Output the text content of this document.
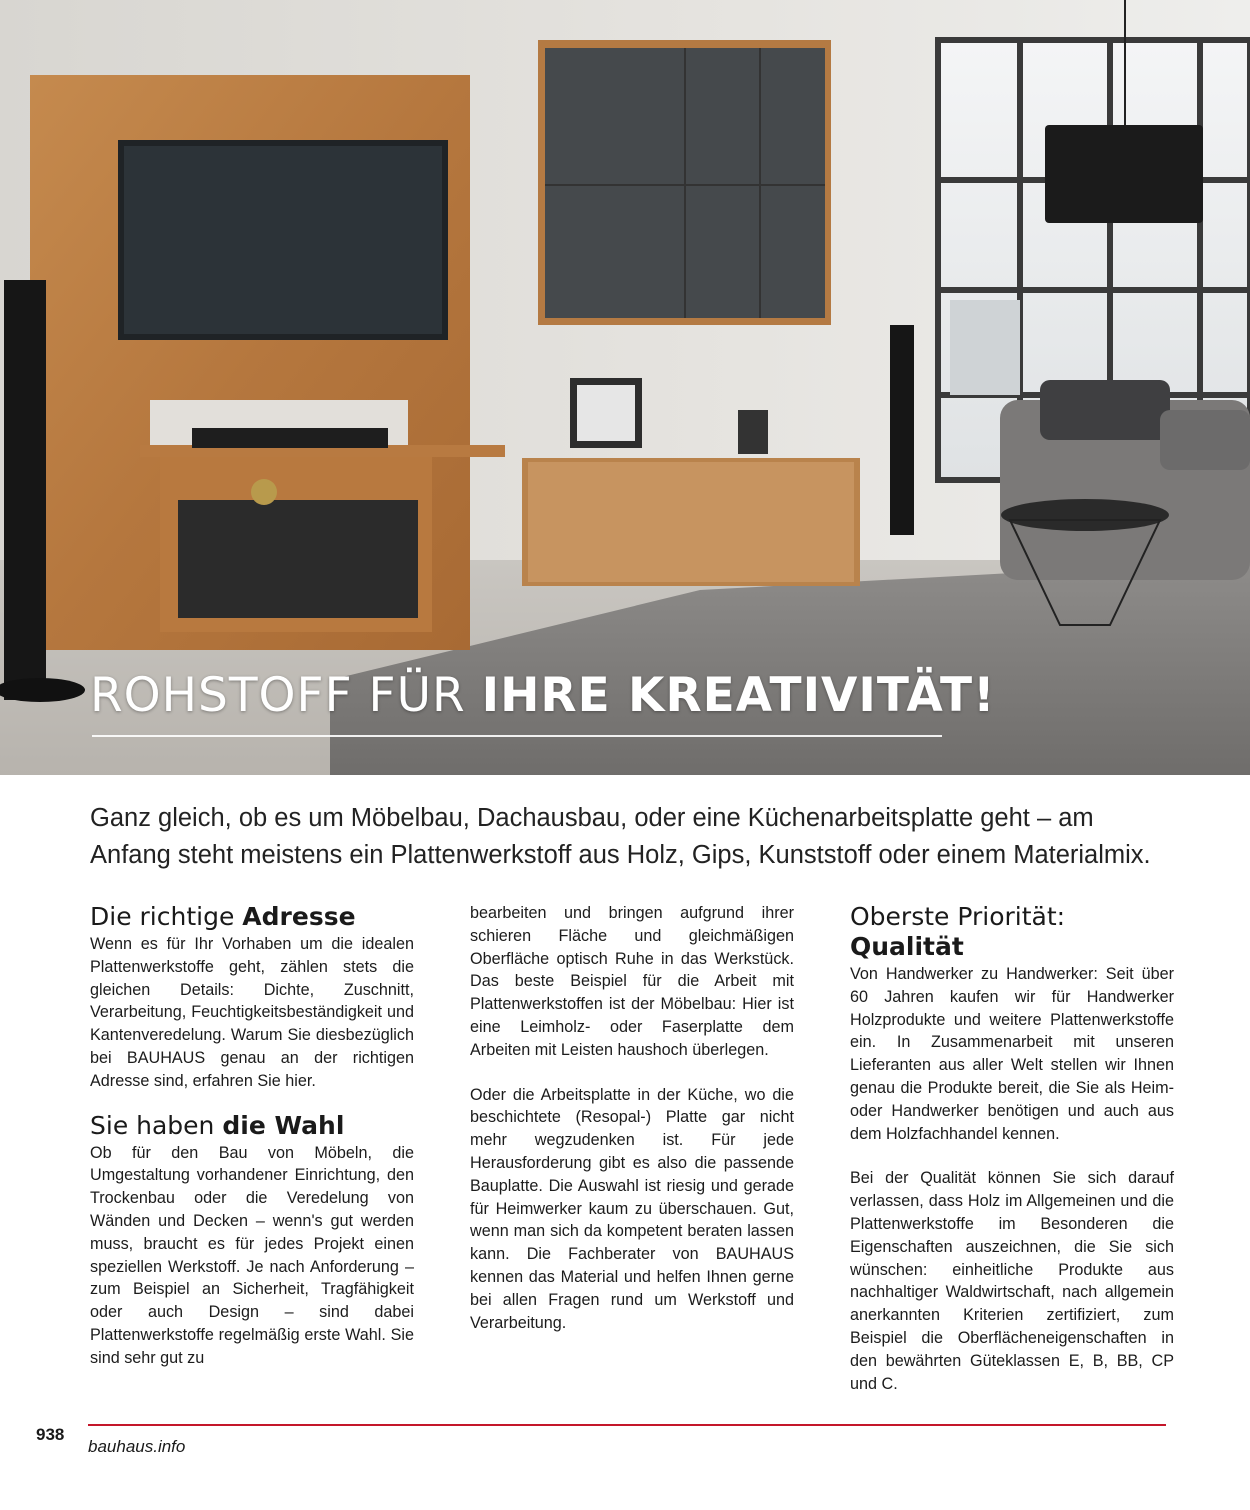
ROHSTOFF FÜR IHRE KREATIVITÄT!

Ganz gleich, ob es um Möbelbau, Dachausbau, oder eine Küchenarbeitsplatte geht – am Anfang steht meistens ein Plattenwerkstoff aus Holz, Gips, Kunststoff oder einem Materialmix.

Die richtige Adresse

Wenn es für Ihr Vorhaben um die idealen Plattenwerkstoffe geht, zählen stets die gleichen Details: Dichte, Zuschnitt, Verarbeitung, Feuchtigkeitsbeständigkeit und Kantenveredelung. Warum Sie diesbezüglich bei BAUHAUS genau an der richtigen Adresse sind, erfahren Sie hier.

Sie haben die Wahl

Ob für den Bau von Möbeln, die Umgestaltung vorhandener Einrichtung, den Trockenbau oder die Veredelung von Wänden und Decken – wenn's gut werden muss, braucht es für jedes Projekt einen speziellen Werkstoff. Je nach Anforderung – zum Beispiel an Sicherheit, Tragfähigkeit oder auch Design – sind dabei Plattenwerkstoffe regelmäßig erste Wahl. Sie sind sehr gut zu

bearbeiten und bringen aufgrund ihrer schieren Fläche und gleichmäßigen Oberfläche optisch Ruhe in das Werkstück. Das beste Beispiel für die Arbeit mit Plattenwerkstoffen ist der Möbelbau: Hier ist eine Leimholz- oder Faserplatte dem Arbeiten mit Leisten haushoch überlegen.

Oder die Arbeitsplatte in der Küche, wo die beschichtete (Resopal-) Platte gar nicht mehr wegzudenken ist. Für jede Herausforderung gibt es also die passende Bauplatte. Die Auswahl ist riesig und gerade für Heimwerker kaum zu überschauen. Gut, wenn man sich da kompetent beraten lassen kann. Die Fachberater von BAUHAUS kennen das Material und helfen Ihnen gerne bei allen Fragen rund um Werkstoff und Verarbeitung.

Oberste Priorität: Qualität

Von Handwerker zu Handwerker: Seit über 60 Jahren kaufen wir für Handwerker Holzprodukte und weitere Plattenwerkstoffe ein. In Zusammenarbeit mit unseren Lieferanten aus aller Welt stellen wir Ihnen genau die Produkte bereit, die Sie als Heim- oder Handwerker benötigen und auch aus dem Holzfachhandel kennen.

Bei der Qualität können Sie sich darauf verlassen, dass Holz im Allgemeinen und die Plattenwerkstoffe im Besonderen die Eigenschaften auszeichnen, die Sie sich wünschen: einheitliche Produkte aus nachhaltiger Waldwirtschaft, nach allgemein anerkannten Kriterien zertifiziert, zum Beispiel die Oberflächeneigenschaften in den bewährten Güteklassen E, B, BB, CP und C.

938
bauhaus.info
